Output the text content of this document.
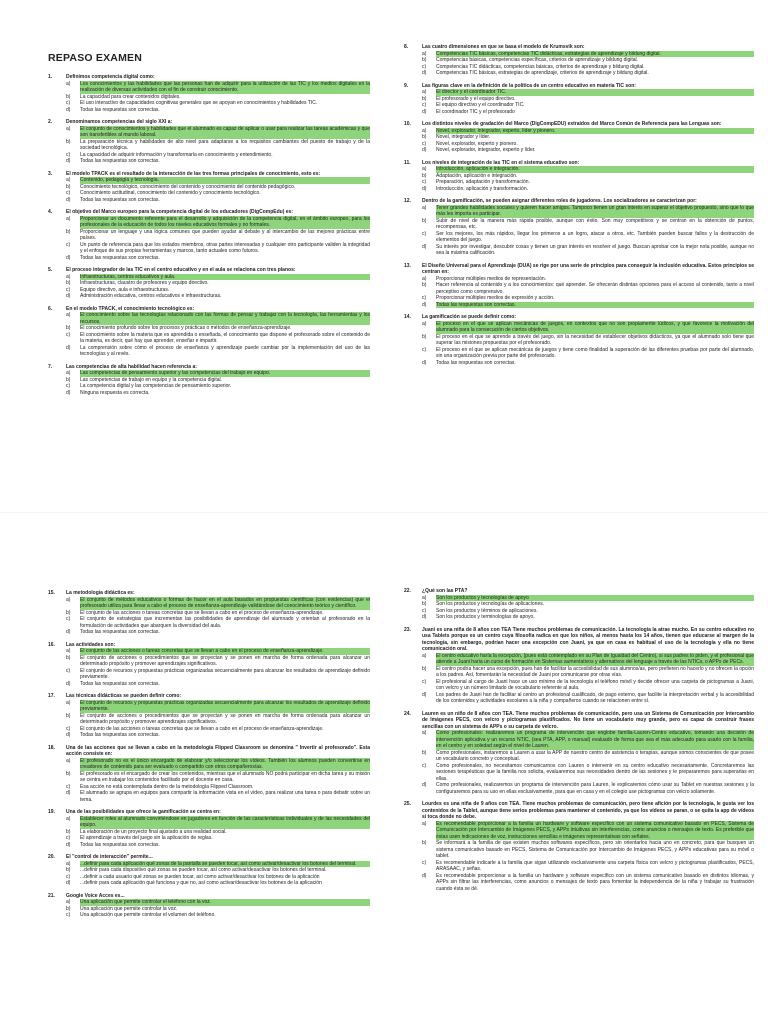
REPASO EXAMEN
1.	Definimos competencia digital como:
a)	Los conocimientos y las habilidades que las personas han de adquirir para la utilización de las TIC y los medios digitales en la realización de diversas actividades con el fin de construir conocimiento.
b)	La capacidad para crear contenidos digitales.
c)	El uso interactivo de capacidades cognitivas generales que se apoyan en conocimientos y habilidades TIC.
d)	Todas las respuestas son correctas.
2.	Denominamos competencias del siglo XXI a:
a)	El conjunto de conocimientos y habilidades que el alumnado es capaz de aplicar o usar para realizar las tareas académicas y que son transferibles al mundo laboral.
b)	La preparación técnica y habilidades de alto nivel para adaptarse a los requisitos cambiantes del puesto de trabajo y de la sociedad tecnológica.
c)	La capacidad de adquirir información y transformarla en conocimiento y entendimiento.
d)	Todas las respuestas son correctas.
3.	El modelo TPACK es el resultado de la interacción de las tres formas principales de conocimiento, esto es:
a)	Contenido, pedagogía y tecnología.
b)	Conocimiento tecnológico, conocimiento del contenido y conocimiento del contenido pedagógico.
c)	Conocimiento actitudinal, conocimiento del contenido y conocimiento tecnológico.
d)	Todas las respuestas son correctas.
4.	El objetivo del Marco europeo para la competencia digital de los educadores (DigCompEdu) es:
a)	Proporcionar un documento referente para el desarrollo y adquisición de la competencia digital, en el ámbito europeo, para los profesionales de la educación de todos los niveles educativos formales y no formales.
b)	Proporcionar un lenguaje y una lógica comunes que pueden ayudar al debate y al intercambio de las mejores prácticas entre países.
c)	Un punto de referencia para que los estados miembros, otras partes interesadas y cualquier otro participante validen la integridad y el enfoque de sus propias herramientas y marcos, tanto actuales como futuros.
d)	Todas las respuestas son correctas.
5.	El proceso integrador de las TIC en el centro educativo y en el aula se relaciona con tres planos:
a)	Infraestructuras, centros educativos y aula.
b)	Infraestructuras, claustro de profesores y equipo directivo.
c)	Equipo directivo, aula e infraestructuras.
d)	Administración educativa, centros educativos e infraestructuras.
6.	En el modelo TPACK, el conocimiento tecnológico es:
a)	El conocimiento sobre las tecnologías relacionado con las formas de pensar y trabajar con la tecnología, las herramientas y los recursos.
b)	El conocimiento profundo sobre los procesos y prácticas o métodos de enseñanza-aprendizaje.
c)	El conocimiento sobre la materia que es aprendida o enseñada, el conocimiento que dispone el profesorado sobre el contenido de la materia, es decir, qué hay que aprender, enseñar e impartir.
d)	La comprensión sobre cómo el proceso de enseñanza y aprendizaje puede cambiar por la implementación del uso de las tecnologías y al revés.
7.	Las competencias de alta habilidad hacen referencia a:
a)	Las competencias de pensamiento superior y las competencias del trabajo en equipo.
b)	Las competencias de trabajo en equipo y la competencia digital.
c)	La competencia digital y las competencias de pensamiento superior.
d)	Ninguna respuesta es correcta.
8.	Las cuatro dimensiones en que se basa el modelo de Krumsvik son:
a)	Competencias TIC básicas, competencias TIC didácticas, estrategias de aprendizaje y bildung digital.
b)	Competencias básicas, competencias específicas, criterios de aprendizaje y bildung digital.
c)	Competencias TIC didácticas, competencias básicas, criterios de aprendizaje y bildung digital.
d)	Competencias TIC básicas, estrategias de aprendizaje, criterios de aprendizaje y bildung digital.
9.	Las figuras clave en la definición de la política de un centro educativo en materia TIC son:
a)	El director y el coordinador TIC.
b)	El profesorado y el equipo directivo.
c)	El equipo directivo y el coordinador TIC.
d)	El coordinador TIC y el profesorado
10.	Los distintos niveles de gradación del Marco (DigCompEDU) extraídos del Marco Común de Referencia para las Lenguas son:
a)	Novel, explorador, integrador, experto, líder y pionero.
b)	Novel, integrador y líder.
c)	Novel, explorador, experto y pionero.
d)	Novel, explorador, integrador, experto y líder.
11.	Los niveles de integración de las TIC en el sistema educativo son:
a)	Introducción, aplicación e integración.
b)	Adaptación, aplicación e integración.
c)	Preparación, adaptación y transformación.
d)	Introducción, aplicación y transformación.
12.	Dentro de la gamificación, se pueden asignar diferentes roles de jugadores. Los socializadores se caracterizan por:
a)	Tener grandes habilidades sociales y quieren hacer amigos. Tampoco tienen un gran interés en superar el objetivo propuesto, sino que lo que más les importa es participar.
b)	Subir de nivel de la manera más rápida posible, aunque con éxito. Son muy competitivos y se centran en la obtención de puntos, recompensas, etc.
c)	Ser los mejores, los más rápidos, llegar los primeros a un logro, atacar a otros, etc. También pueden buscar fallos y la destrucción de elementos del juego.
d)	Su interés por investigar, descubrir cosas y tienen un gran interés en resolver el juego. Buscan aprobar con la mejor nota posible, aunque no sea la máxima calificación.
13.	El Diseño Universal para el Aprendizaje (DUA) se rige por una serie de principios para conseguir la inclusión educativa. Estos principios se centran en:
a)	Proporcionar múltiples medios de representación.
b)	Hacer referencia al contenido y a los conocimientos: qué aprender. Se ofrecerán distintas opciones para el acceso al contenido, tanto a nivel perceptivo como comprensivo.
c)	Proporcionar múltiples medios de expresión y acción.
d)	Todas las respuestas son correctas.
14.	La gamificación se puede definir como:
a)	El proceso en el que se aplican mecánicas de juegos, en contextos que no son propiamente lúdicos, y que favorece la motivación del alumnado para la consecución de ciertos objetivos.
b)	El proceso en el que se aprende a través del juego, sin la necesidad de establecer objetivos didácticos, ya que el alumnado solo tiene que superar las misiones propuestas por el profesorado.
c)	El proceso en el que se aplican mecánicas de juegos y tiene como finalidad la superación de las diferentes pruebas por parte del alumnado, sin una organización previa por parte del profesorado.
d)	Todas las respuestas son correctas.
15.	La metodología didáctica es:
a)	El conjunto de métodos educativos o formas de hacer en el aula basados en propuestas científicas (con evidencias) que el profesorado utiliza para llevar a cabo el proceso de enseñanza-aprendizaje validándose del conocimiento teórico y científico.
b)	El conjunto de las acciones o tareas concretas que se llevan a cabo en el proceso de enseñanza-aprendizaje.
c)	El conjunto de estrategias que incrementan las posibilidades de aprendizaje del alumnado y orientan al profesorado en la formulación de actividades que abarquen la diversidad del aula.
d)	Todas las respuestas son correctas.
16.	Las actividades son:
a)	El conjunto de las acciones o tareas concretas que se llevan a cabo en el proceso de enseñanza-aprendizaje.
b)	El conjunto de acciones o procedimientos que se proyectan y se ponen en marcha de forma ordenada para alcanzar un determinado propósito y promover aprendizajes significativos.
c)	El conjunto de recursos y propuestas prácticas organizadas secuencialmente para alcanzar los resultados de aprendizaje definido previamente.
d)	Todas las respuestas son correctas.
17.	Las técnicas didácticas se pueden definir como:
a)	El conjunto de recursos y propuestas prácticas organizadas secuencialmente para alcanzar los resultados de aprendizaje definido previamente.
b)	El conjunto de acciones o procedimientos que se proyectan y se ponen en marcha de forma ordenada para alcanzar un determinado propósito y promover aprendizajes significativos.
c)	El conjunto de las acciones o tareas concretas que se llevan a cabo en el proceso de enseñanza-aprendizaje.
d)	Todas las respuestas son correctas.
18.	Una de las acciones que se llevan a cabo en la metodología Flipped Classroom se denomina " Invertir al profesorado". Esta acción consiste en:
a)	El profesorado no es el único encargado de elaborar y/o seleccionar los vídeos. También los alumnos pueden convertirse en creadores de contenido para ser evaluado o compartido con otros compañeros/as.
b)	El profesorado es el encargado de crear los contenidos, mientras que el alumnado NO podrá participar en dicha tarea y su misión se centra en trabajar los contenidos facilitado por el docente en casa.
c)	Esa acción no está contemplada dentro de la metodología Flipped Classroom.
d)	El alumnado se agrupa en equipos para compartir la información vista en el vídeo, para realizar una tarea o para debatir sobre un tema.
19.	Una de las posibilidades que ofrece la gamificación se centra en:
a)	Establecer roles al alumnado convirtiéndose en jugadores en función de las características individuales y de las necesidades del equipo.
b)	La elaboración de un proyecto final ajustado a una realidad social.
c)	El aprendizaje a través del juego sin la aplicación de reglas.
d)	Todas las respuestas son correctas.
20.	El "control de interacción" permite...
a)	...definir para cada aplicación qué zonas de la pantalla se pueden tocar, así como activar/desactivar los botones del terminal.
b)	...definir para cada dispositivo qué zonas se pueden tocar, así como activar/desactivar los botones del terminal.
c)	...definir a cada usuario qué zonas se pueden tocar, así como activar/desactivar los botones de la aplicación
d)	...definir para cada aplicación qué funciona y que no, así como activar/desactivar los botones de la aplicación
21.	Google Voice Acces es...
a)	Una aplicación que permite controlar el teléfono con la voz.
b)	Una aplicación que permite controlar la voz.
c)	Una aplicación que permite controlar el volumen del teléfono.
22.	¿Qué son las PTA?
a)	Son los productos y tecnologías de apoyo
b)	Son los productos y tecnologías de aplicaciones.
c)	Son los productos y términos de aplicaciones.
d)	Son los productos y terminologías de apoyo.
23.	Juani es una niña de 8 años con TEA Tiene muchos problemas de comunicación. La tecnología la atrae mucho. En su centro educativo no usa Tablets porque es un centro cuya filosofía radica en que los niños, al menos hasta los 14 años, tienen que educarse al margen de la tecnología, sin embargo, podrían hacer una excepción con Juani, ya que en casa es habitual el uso de la tecnología y ella no tiene comunicación oral.
a)	El centro educativo haría la excepción, (pues está contemplado en su Plan de Igualdad del Centro), si sus padres lo piden, y el profesional que atiende a Juani haría un curso de formación en Sistemas aumentativos y alternativos del lenguaje a través de las NTICs, o APPs de PECs.
b)	El centro podría hacer una excepción, pues han de facilitar la accesibilidad de sus alumnos/as, pero prefieren no hacerlo y no ofrecen la opción a los padres. Así, fomentarán la necesidad de Juani por comunicarse por otras vías.
c)	El profesional al cargo de Juani hace un uso mínimo de la tecnología el teléfono móvil y decide ofrecer una carpeta de pictogramas a Juani, con velcro y un número limitado de vocabulario referente al aula.
d)	Los padres de Juani han de facilitar al centro un profesional cualificado, de pago externo, que facilite la interpretación verbal y la accesibilidad de los contenidos y actividades escolares a la niña y compañeros cuando se relacionen entre sí.
24.	Lauren es un niño de 8 años con TEA. Tiene muchos problemas de comunicación, pero usa un Sistema de Comunicación por Intercambio de Imágenes PECS, con velcro y pictogramas plastificados. No tiene un vocabulario muy grande, pero es capaz de construir frases sencillas con un sistema de APPs o su carpeta de velcro.
a)	Como profesionales: realizaremos un programa de intervención que englobe familia-Lauren-Centro educativo, tomando una decisión de intervención aplicativa y un recurso NTIC, (sea PTA, APP, o manual) evaluado de forma que sea el más adecuado para usarlo con la familia, en el centro y en soledad según el nivel de Lauren.
b)	Como profesionales, instaremos a Lauren a usar la APP de nuestro centro de asistencia o terapias, aunque somos conscientes de que posee un vocabulario concreto y conceptual.
c)	Como profesionales, no necesitamos comunicarnos con Lauren o intervenir en su centro educativo necesariamente. Concretaremos las sesiones terapéuticas que la familia nos solicita, evaluaremos sus necesidades dentro de las sesiones y le prepararemos para superarlas en ellas.
d)	Como profesionales, realizaremos un programa de intervención para Lauren, le explicaremos cómo usar su Tablet en nuestras sesiones y la configuraremos para su uso en ellas exclusivamente, para que en casa y en el colegio use pictogramas con velcro solamente.
25.	Lourdes es una niña de 9 años con TEA. Tiene muchos problemas de comunicación, pero tiene afición por la tecnología, le gusta ver los contenidos de la Tablet, aunque tiene serios problemas para mantener el contenido, ya que los vídeos se paran, o se quita la app de vídeos si toca donde no debe.
a)	Es recomendable proporcionar a la familia un hardware y software específico con un sistema comunicativo basado en PECS, Sistema de Comunicación por Intercambio de Imágenes PECS, y APPs intuitivas sin interferencias, como anuncios o mensajes de texto. Es preferible que éstas usen indicaciones de voz, instrucciones sencillas e imágenes representativas con señales.
b)	Se informará a la familia de que existen muchos softwares específicos, pero sin orientarlos hacia uno en concreto, para que busquen un sistema comunicativo basado en PECS, Sistema de Comunicación por Intercambio de Imágenes PECS, y APPs educativas para su móvil o tablet.
c)	Es recomendable indicarle a la familia que sigan utilizando exclusivamente una carpeta física con velcro y pictogramas plastificados, PECS, ARASAAC, y señas.
d)	Es recomendable proporcionar a la familia un hardware y software específico con un sistema comunicativo basado en distintos idiomas, y APPs sin filtrar las interferencias, como anuncios o mensajes de texto para fomentar la independencia de la niña y trabajar su frustración cuando ésta se dé.
